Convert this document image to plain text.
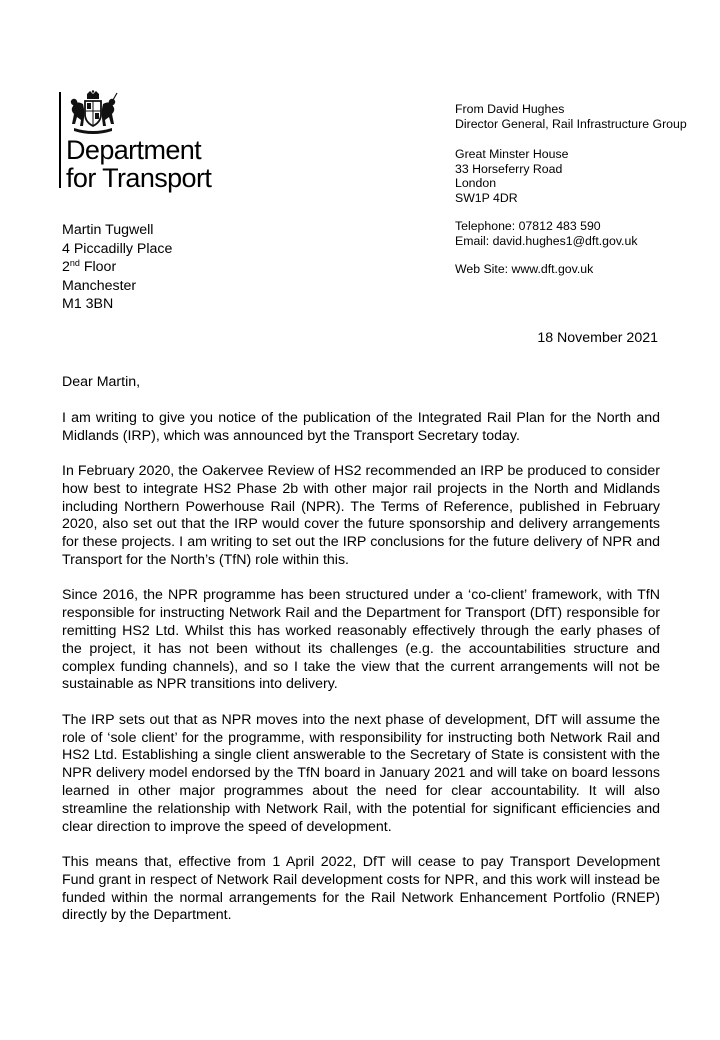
Department
for Transport
From David Hughes
Director General, Rail Infrastructure Group
Great Minster House
33 Horseferry Road
London
SW1P 4DR
Telephone: 07812 483 590
Email: david.hughes1@dft.gov.uk
Web Site: www.dft.gov.uk
Martin Tugwell
4 Piccadilly Place
2nd Floor
Manchester
M1 3BN
18 November 2021

Dear Martin,

I am writing to give you notice of the publication of the Integrated Rail Plan for the North and Midlands (IRP), which was announced byt the Transport Secretary today.

In February 2020, the Oakervee Review of HS2 recommended an IRP be produced to consider how best to integrate HS2 Phase 2b with other major rail projects in the North and Midlands including Northern Powerhouse Rail (NPR). The Terms of Reference, published in February 2020, also set out that the IRP would cover the future sponsorship and delivery arrangements for these projects. I am writing to set out the IRP conclusions for the future delivery of NPR and Transport for the North’s (TfN) role within this.

Since 2016, the NPR programme has been structured under a ‘co-client’ framework, with TfN responsible for instructing Network Rail and the Department for Transport (DfT) responsible for remitting HS2 Ltd. Whilst this has worked reasonably effectively through the early phases of the project, it has not been without its challenges (e.g. the accountabilities structure and complex funding channels), and so I take the view that the current arrangements will not be sustainable as NPR transitions into delivery.

The IRP sets out that as NPR moves into the next phase of development, DfT will assume the role of ‘sole client’ for the programme, with responsibility for instructing both Network Rail and HS2 Ltd. Establishing a single client answerable to the Secretary of State is consistent with the NPR delivery model endorsed by the TfN board in January 2021 and will take on board lessons learned in other major programmes about the need for clear accountability. It will also streamline the relationship with Network Rail, with the potential for significant efficiencies and clear direction to improve the speed of development.

This means that, effective from 1 April 2022, DfT will cease to pay Transport Development Fund grant in respect of Network Rail development costs for NPR, and this work will instead be funded within the normal arrangements for the Rail Network Enhancement Portfolio (RNEP) directly by the Department.
